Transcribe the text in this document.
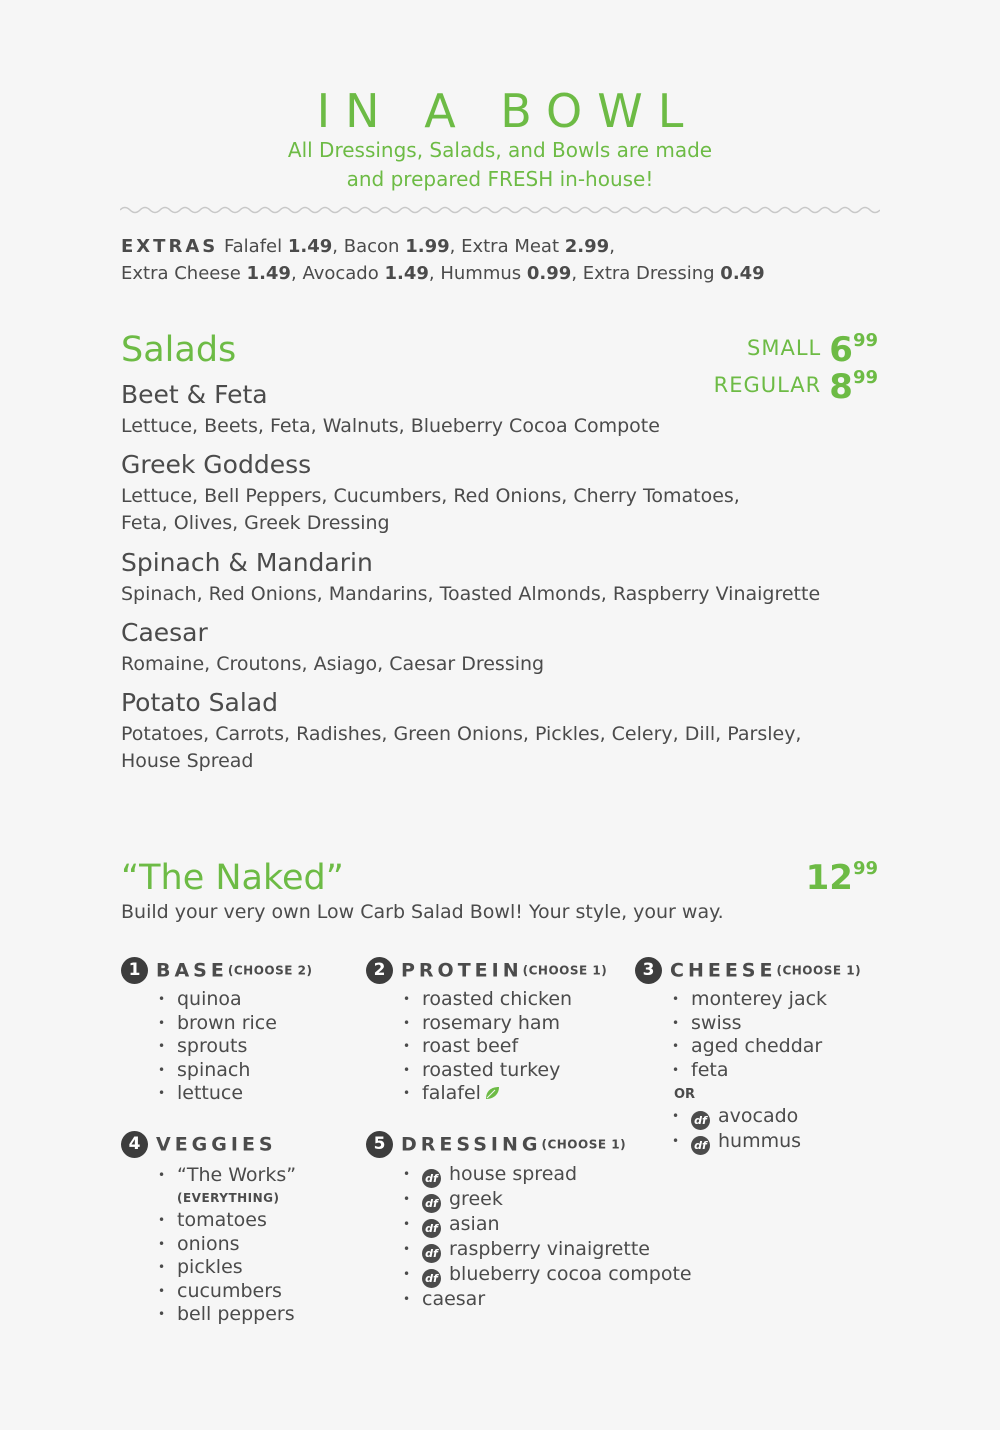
IN A BOWL
All Dressings, Salads, and Bowls are made
and prepared FRESH in-house!
EXTRAS Falafel 1.49, Bacon 1.99, Extra Meat 2.99,
Extra Cheese 1.49, Avocado 1.49, Hummus 0.99, Extra Dressing 0.49
Salads	SMALL $6^{99}$
REGULAR $8^{99}$
Beet & Feta
Lettuce, Beets, Feta, Walnuts, Blueberry Cocoa Compote
Greek Goddess
Lettuce, Bell Peppers, Cucumbers, Red Onions, Cherry Tomatoes,
Feta, Olives, Greek Dressing
Spinach & Mandarin
Spinach, Red Onions, Mandarins, Toasted Almonds, Raspberry Vinaigrette
Caesar
Romaine, Croutons, Asiago, Caesar Dressing
Potato Salad
Potatoes, Carrots, Radishes, Green Onions, Pickles, Celery, Dill, Parsley,
House Spread
“The Naked”	$12^{99}$
Build your very own Low Carb Salad Bowl! Your style, your way.
1 BASE(CHOOSE 2)
• quinoa
• brown rice
• sprouts
• spinach
• lettuce
2 PROTEIN(CHOOSE 1)
• roasted chicken
• rosemary ham
• roast beef
• roasted turkey
• falafel
3 CHEESE(CHOOSE 1)
• monterey jack
• swiss
• aged cheddar
• feta
OR
• df avocado
• df hummus
4 VEGGIES
• “The Works”
(EVERYTHING)
• tomatoes
• onions
• pickles
• cucumbers
• bell peppers
5 DRESSING(CHOOSE 1)
• df house spread
• df greek
• df asian
• df raspberry vinaigrette
• df blueberry cocoa compote
• caesar
